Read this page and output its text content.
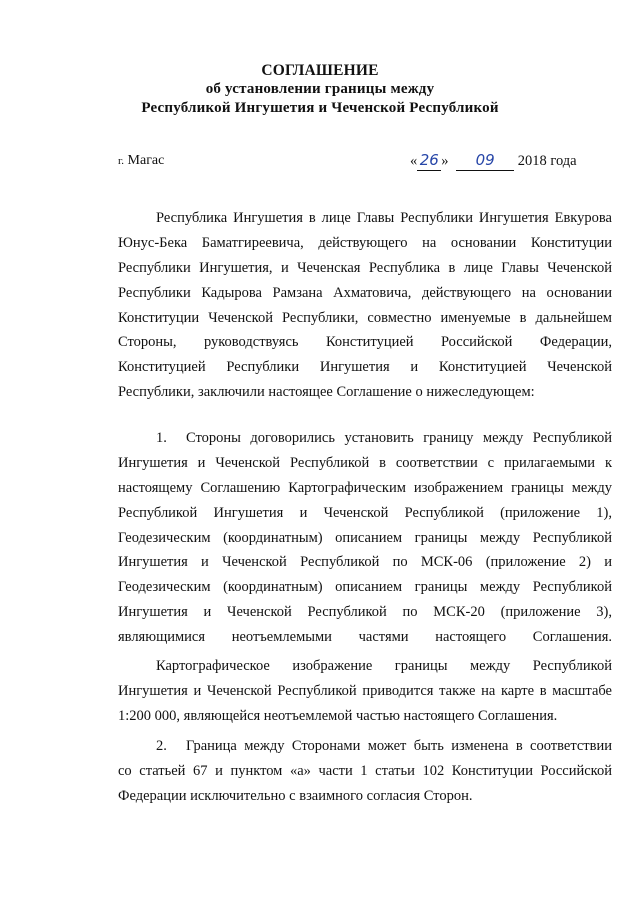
СОГЛАШЕНИЕ
об установлении границы между
Республикой Ингушетия и Чеченской Республикой
г. Магас	« 26 » 09 2018 года
Республика Ингушетия в лице Главы Республики Ингушетия Евкурова
Юнус-Бека Баматгиреевича, действующего на основании Конституции
Республики Ингушетия, и Чеченская Республика в лице Главы Чеченской
Республики Кадырова Рамзана Ахматовича, действующего на основании
Конституции Чеченской Республики, совместно именуемые в дальнейшем
Стороны, руководствуясь Конституцией Российской Федерации,
Конституцией Республики Ингушетия и Конституцией Чеченской
Республики, заключили настоящее Соглашение о нижеследующем:
1.	Стороны договорились установить границу между Республикой
Ингушетия и Чеченской Республикой в соответствии с прилагаемыми к
настоящему Соглашению Картографическим изображением границы между
Республикой Ингушетия и Чеченской Республикой (приложение 1),
Геодезическим (координатным) описанием границы между Республикой
Ингушетия и Чеченской Республикой по МСК-06 (приложение 2) и
Геодезическим (координатным) описанием границы между Республикой
Ингушетия и Чеченской Республикой по МСК-20 (приложение 3),
являющимися неотъемлемыми частями настоящего Соглашения.
Картографическое изображение границы между Республикой
Ингушетия и Чеченской Республикой приводится также на карте в масштабе
1:200 000, являющейся неотъемлемой частью настоящего Соглашения.
2.	Граница между Сторонами может быть изменена в соответствии
со статьей 67 и пунктом «а» части 1 статьи 102 Конституции Российской
Федерации исключительно с взаимного согласия Сторон.
